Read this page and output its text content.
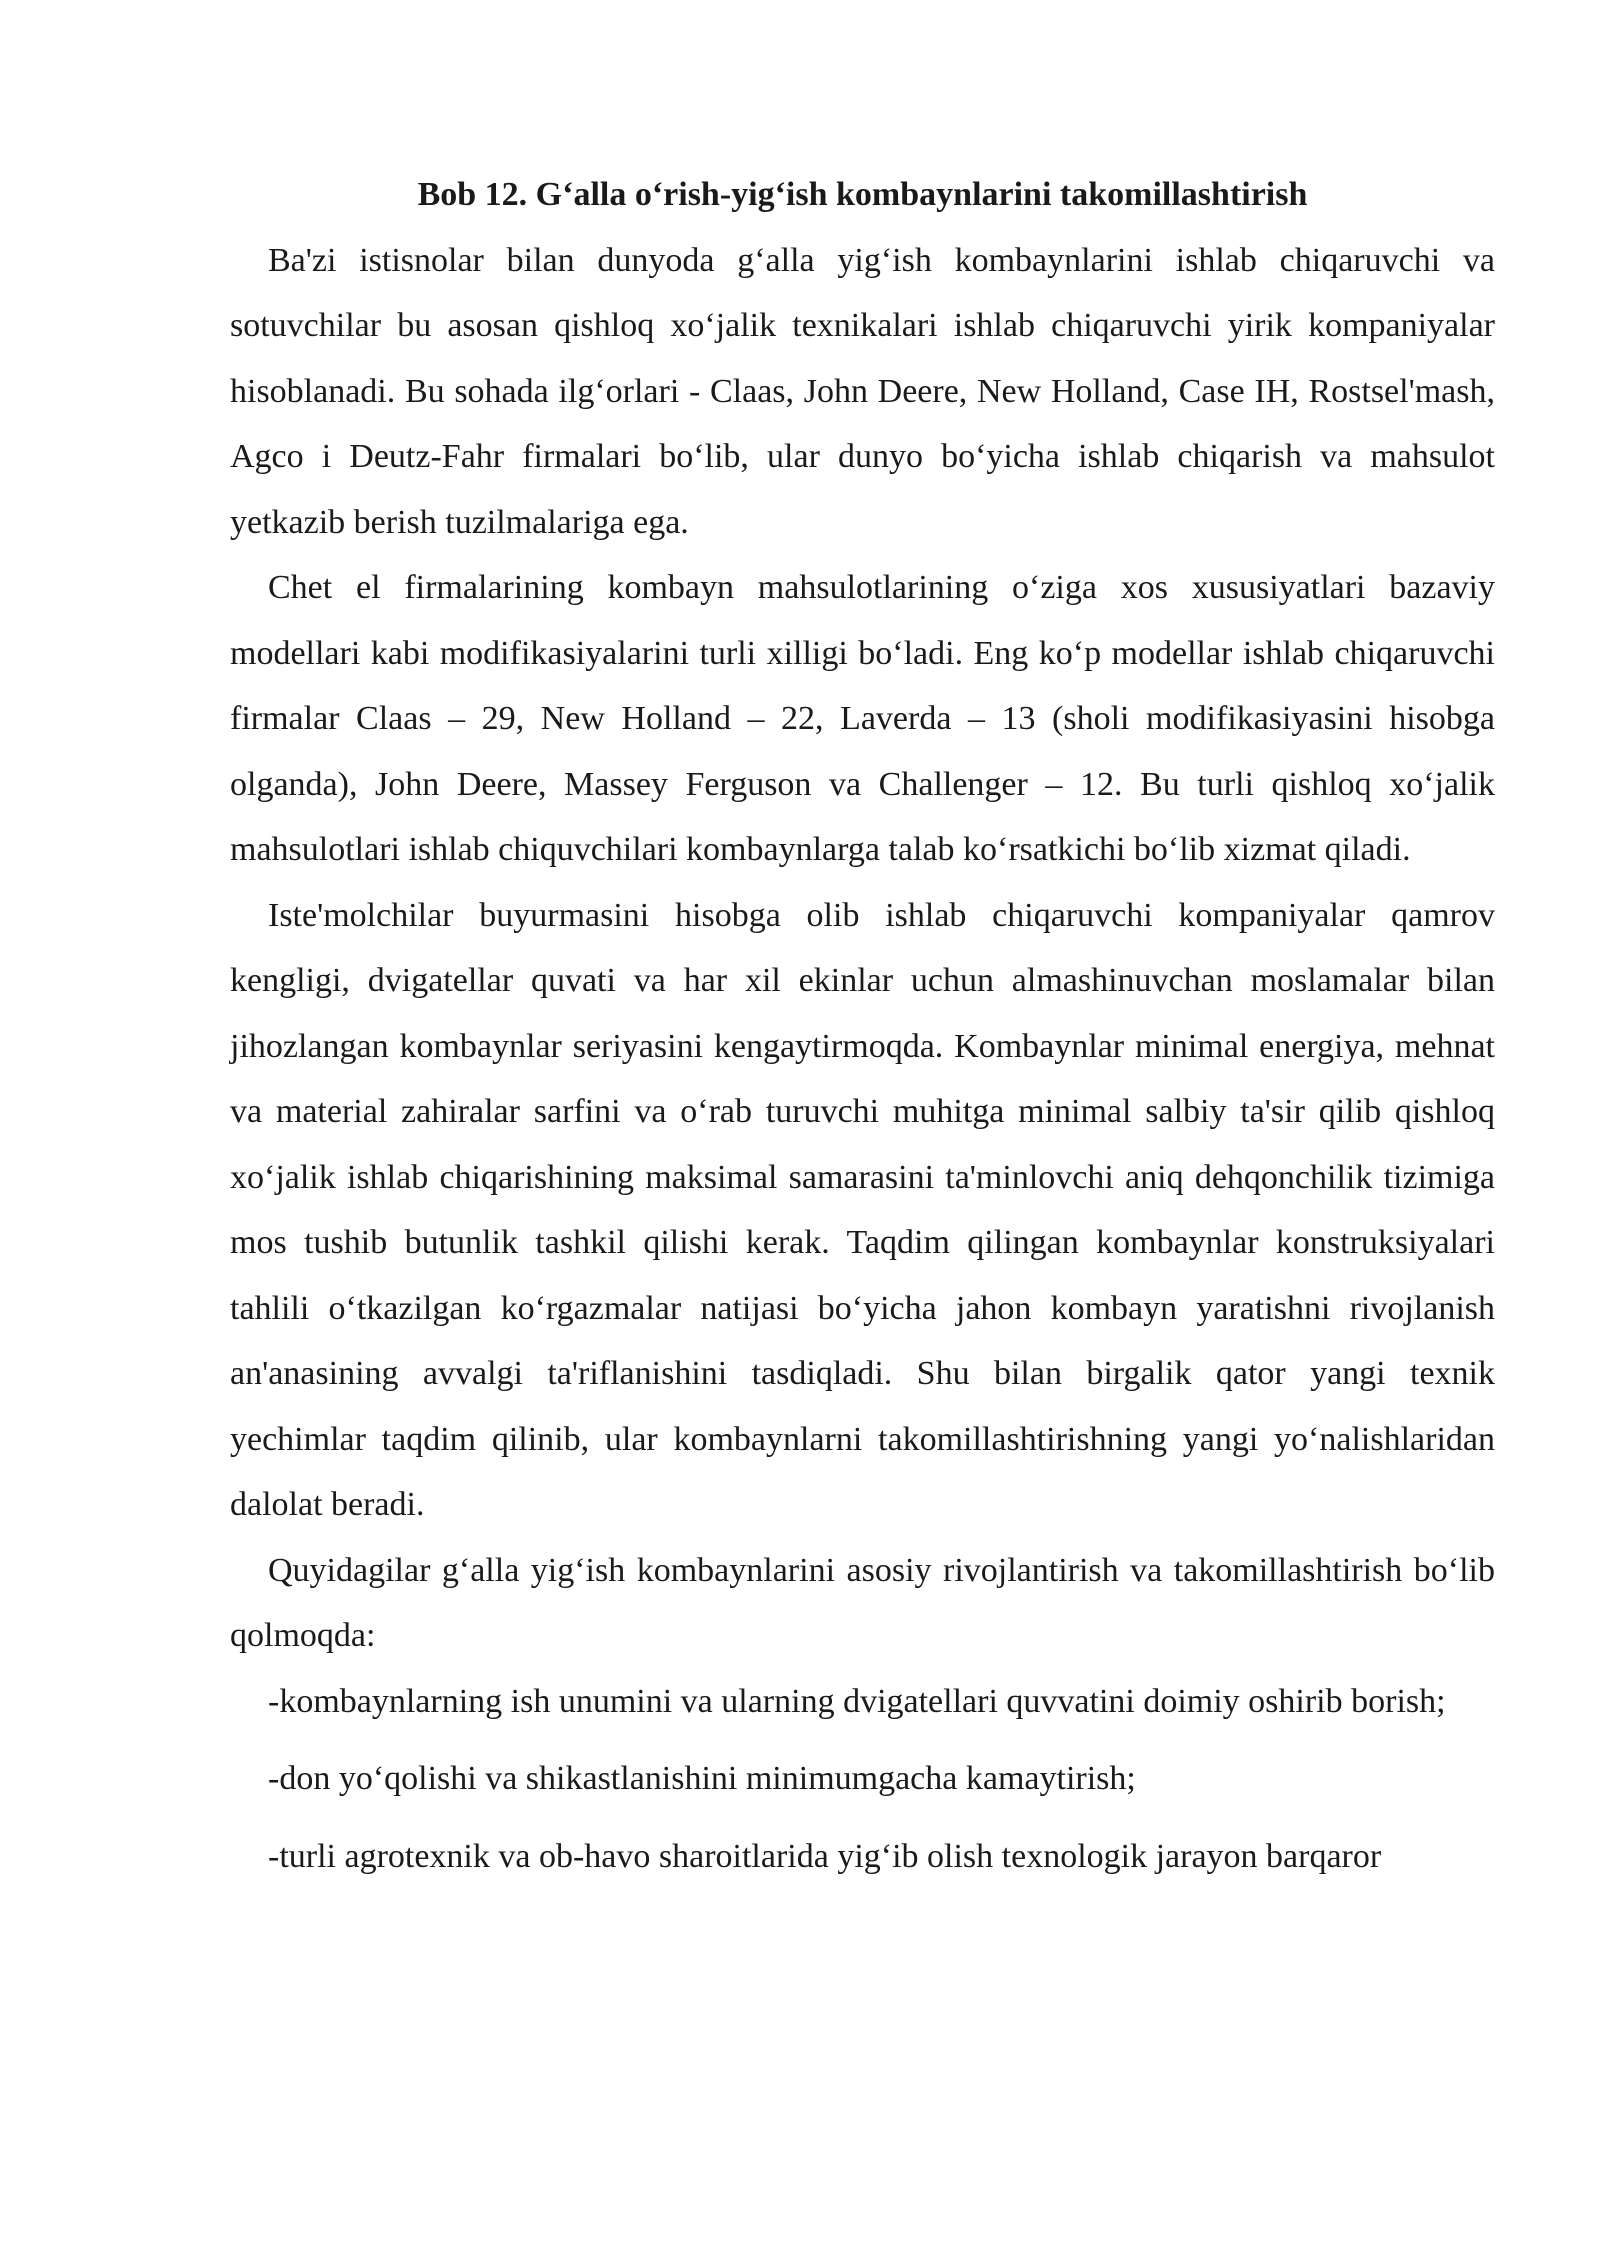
Bob 12. G‘alla o‘rish-yig‘ish kombaynlarini takomillashtirish

Ba'zi istisnolar bilan dunyoda g‘alla yig‘ish kombaynlarini ishlab chiqaruvchi va sotuvchilar bu asosan qishloq xo‘jalik texnikalari ishlab chiqaruvchi yirik kompaniyalar hisoblanadi. Bu sohada ilg‘orlari - Claas, John Deere, New Holland, Case IH, Rostsel'mash, Agco i Deutz-Fahr firmalari bo‘lib, ular dunyo bo‘yicha ishlab chiqarish va mahsulot yetkazib berish tuzilmalariga ega.

Chet el firmalarining kombayn mahsulotlarining o‘ziga xos xususiyatlari bazaviy modellari kabi modifikasiyalarini turli xilligi bo‘ladi. Eng ko‘p modellar ishlab chiqaruvchi firmalar Claas – 29, New Holland – 22, Laverda – 13 (sholi modifikasiyasini hisobga olganda), John Deere, Massey Ferguson va Challenger – 12. Bu turli qishloq xo‘jalik mahsulotlari ishlab chiquvchilari kombaynlarga talab ko‘rsatkichi bo‘lib xizmat qiladi.

Iste'molchilar buyurmasini hisobga olib ishlab chiqaruvchi kompaniyalar qamrov kengligi, dvigatellar quvati va har xil ekinlar uchun almashinuvchan moslamalar bilan jihozlangan kombaynlar seriyasini kengaytirmoqda. Kombaynlar minimal energiya, mehnat va material zahiralar sarfini va o‘rab turuvchi muhitga minimal salbiy ta'sir qilib qishloq xo‘jalik ishlab chiqarishining maksimal samarasini ta'minlovchi aniq dehqonchilik tizimiga mos tushib butunlik tashkil qilishi kerak. Taqdim qilingan kombaynlar konstruksiyalari tahlili o‘tkazilgan ko‘rgazmalar natijasi bo‘yicha jahon kombayn yaratishni rivojlanish an'anasining avvalgi ta'riflanishini tasdiqladi. Shu bilan birgalik qator yangi texnik yechimlar taqdim qilinib, ular kombaynlarni takomillashtirishning yangi yo‘nalishlaridan dalolat beradi.

Quyidagilar g‘alla yig‘ish kombaynlarini asosiy rivojlantirish va takomillashtirish bo‘lib qolmoqda:

-kombaynlarning ish unumini va ularning dvigatellari quvvatini doimiy oshirib borish;

-don yo‘qolishi va shikastlanishini minimumgacha kamaytirish;

-turli agrotexnik va ob-havo sharoitlarida yig‘ib olish texnologik jarayon barqaror
